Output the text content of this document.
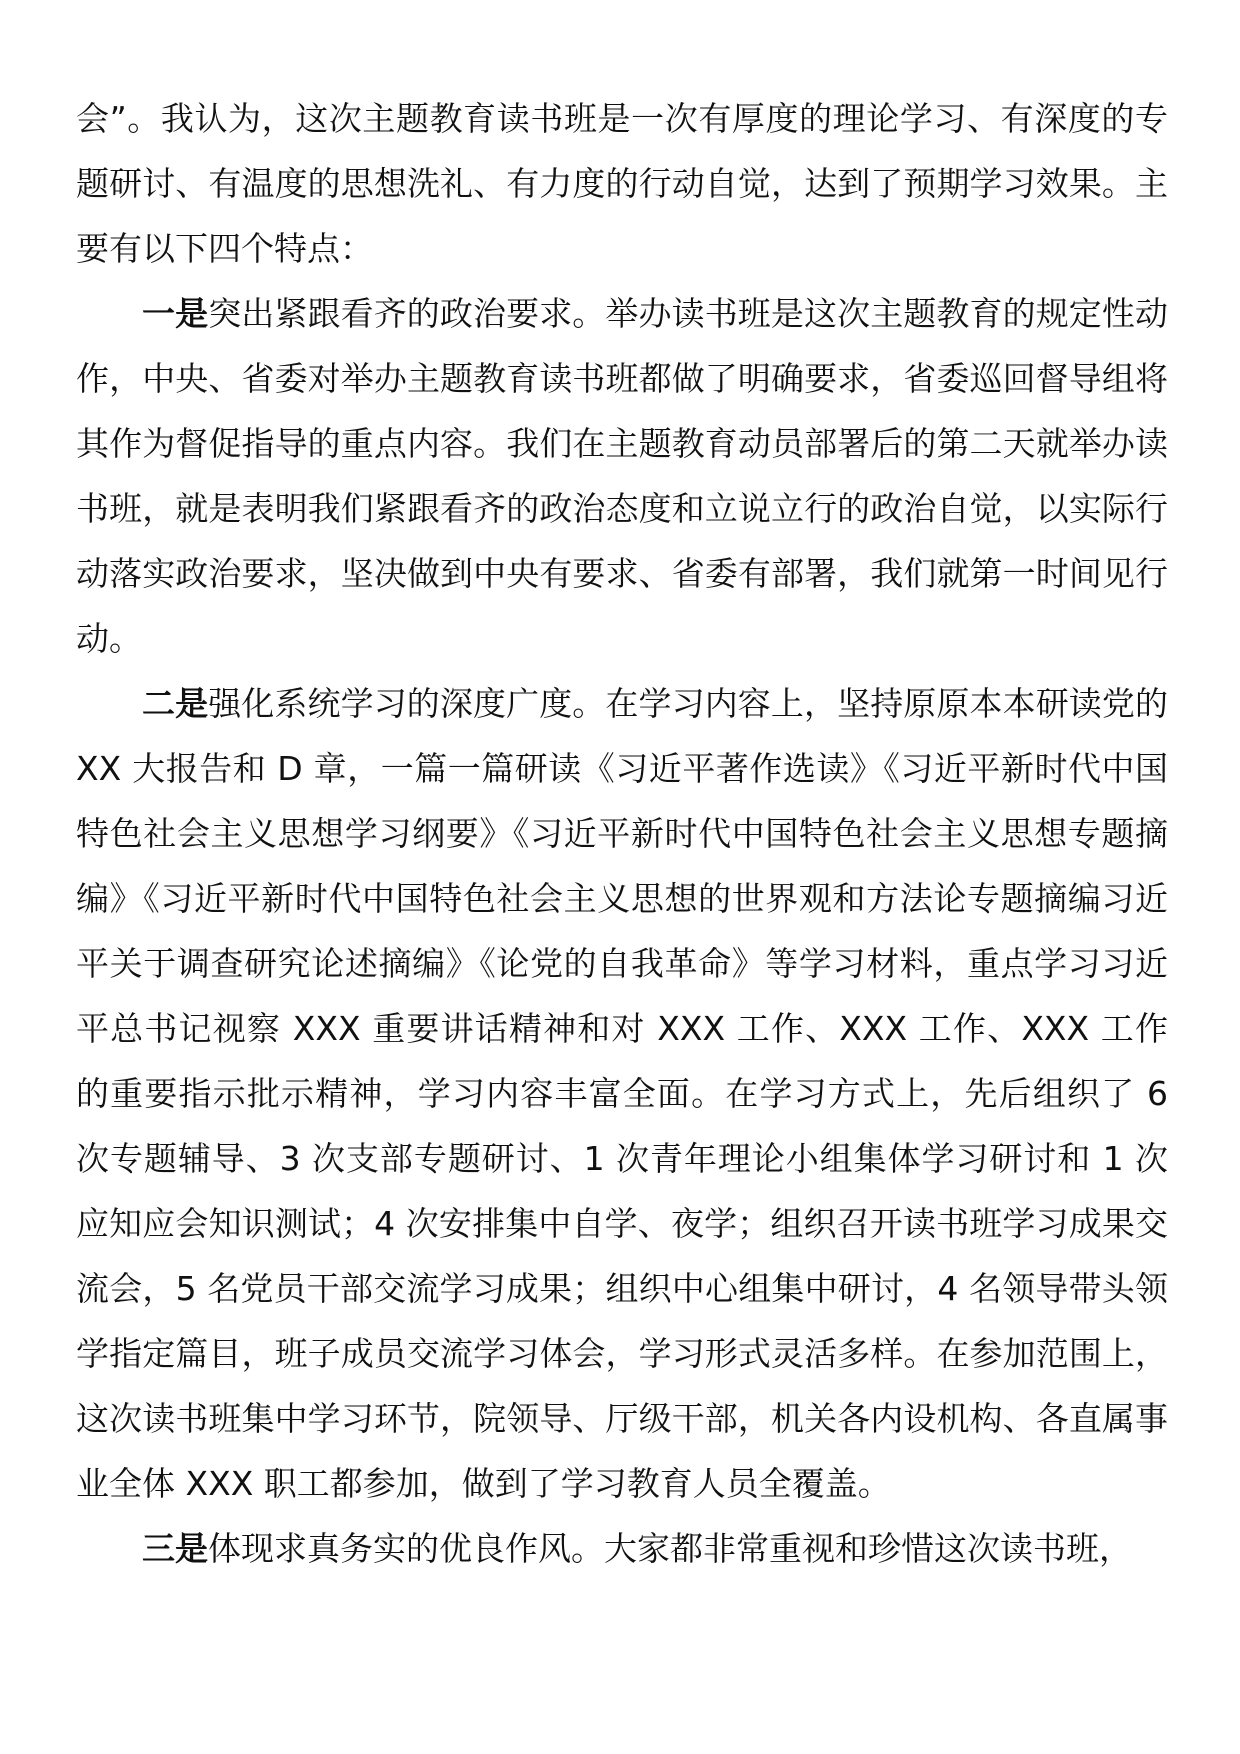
会”。我认为，这次主题教育读书班是一次有厚度的理论学习、有深度的专题研讨、有温度的思想洗礼、有力度的行动自觉，达到了预期学习效果。主要有以下四个特点：

一是突出紧跟看齐的政治要求。举办读书班是这次主题教育的规定性动作，中央、省委对举办主题教育读书班都做了明确要求，省委巡回督导组将其作为督促指导的重点内容。我们在主题教育动员部署后的第二天就举办读书班，就是表明我们紧跟看齐的政治态度和立说立行的政治自觉，以实际行动落实政治要求，坚决做到中央有要求、省委有部署，我们就第一时间见行动。

二是强化系统学习的深度广度。在学习内容上，坚持原原本本研读党的 XX 大报告和 D 章，一篇一篇研读《习近平著作选读》《习近平新时代中国特色社会主义思想学习纲要》《习近平新时代中国特色社会主义思想专题摘编》《习近平新时代中国特色社会主义思想的世界观和方法论专题摘编习近平关于调查研究论述摘编》《论党的自我革命》等学习材料，重点学习习近平总书记视察 XXX 重要讲话精神和对 XXX 工作、XXX 工作、XXX 工作的重要指示批示精神，学习内容丰富全面。在学习方式上，先后组织了 6 次专题辅导、3 次支部专题研讨、1 次青年理论小组集体学习研讨和 1 次应知应会知识测试；4 次安排集中自学、夜学；组织召开读书班学习成果交流会，5 名党员干部交流学习成果；组织中心组集中研讨，4 名领导带头领学指定篇目，班子成员交流学习体会，学习形式灵活多样。在参加范围上，这次读书班集中学习环节，院领导、厅级干部，机关各内设机构、各直属事业全体 XXX 职工都参加，做到了学习教育人员全覆盖。

三是体现求真务实的优良作风。大家都非常重视和珍惜这次读书班，
